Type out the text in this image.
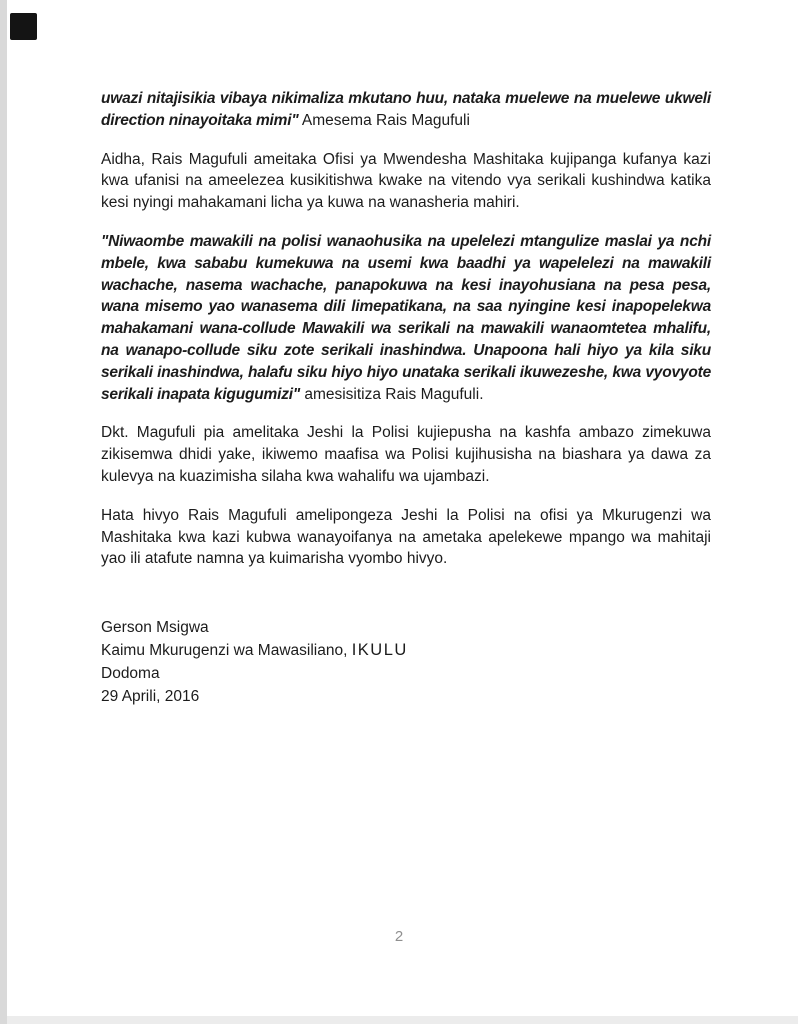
uwazi nitajisikia vibaya nikimaliza mkutano huu, nataka muelewe na muelewe ukweli direction ninayoitaka mimi" Amesema Rais Magufuli

Aidha, Rais Magufuli ameitaka Ofisi ya Mwendesha Mashitaka kujipanga kufanya kazi kwa ufanisi na ameelezea kusikitishwa kwake na vitendo vya serikali kushindwa katika kesi nyingi mahakamani licha ya kuwa na wanasheria mahiri.

"Niwaombe mawakili na polisi wanaohusika na upelelezi mtangulize maslai ya nchi mbele, kwa sababu kumekuwa na usemi kwa baadhi ya wapelelezi na mawakili wachache, nasema wachache, panapokuwa na kesi inayohusiana na pesa pesa, wana misemo yao wanasema dili limepatikana, na saa nyingine kesi inapopelekwa mahakamani wana-collude Mawakili wa serikali na mawakili wanaomtetea mhalifu, na wanapo-collude siku zote serikali inashindwa. Unapoona hali hiyo ya kila siku serikali inashindwa, halafu siku hiyo hiyo unataka serikali ikuwezeshe, kwa vyovyote serikali inapata kigugumizi" amesisitiza Rais Magufuli.

Dkt. Magufuli pia amelitaka Jeshi la Polisi kujiepusha na kashfa ambazo zimekuwa zikisemwa dhidi yake, ikiwemo maafisa wa Polisi kujihusisha na biashara ya dawa za kulevya na kuazimisha silaha kwa wahalifu wa ujambazi.

Hata hivyo Rais Magufuli amelipongeza Jeshi la Polisi na ofisi ya Mkurugenzi wa Mashitaka kwa kazi kubwa wanayoifanya na ametaka apelekewe mpango wa mahitaji yao ili atafute namna ya kuimarisha vyombo hivyo.

Gerson Msigwa
Kaimu Mkurugenzi wa Mawasiliano, IKULU
Dodoma
29 Aprili, 2016
2
